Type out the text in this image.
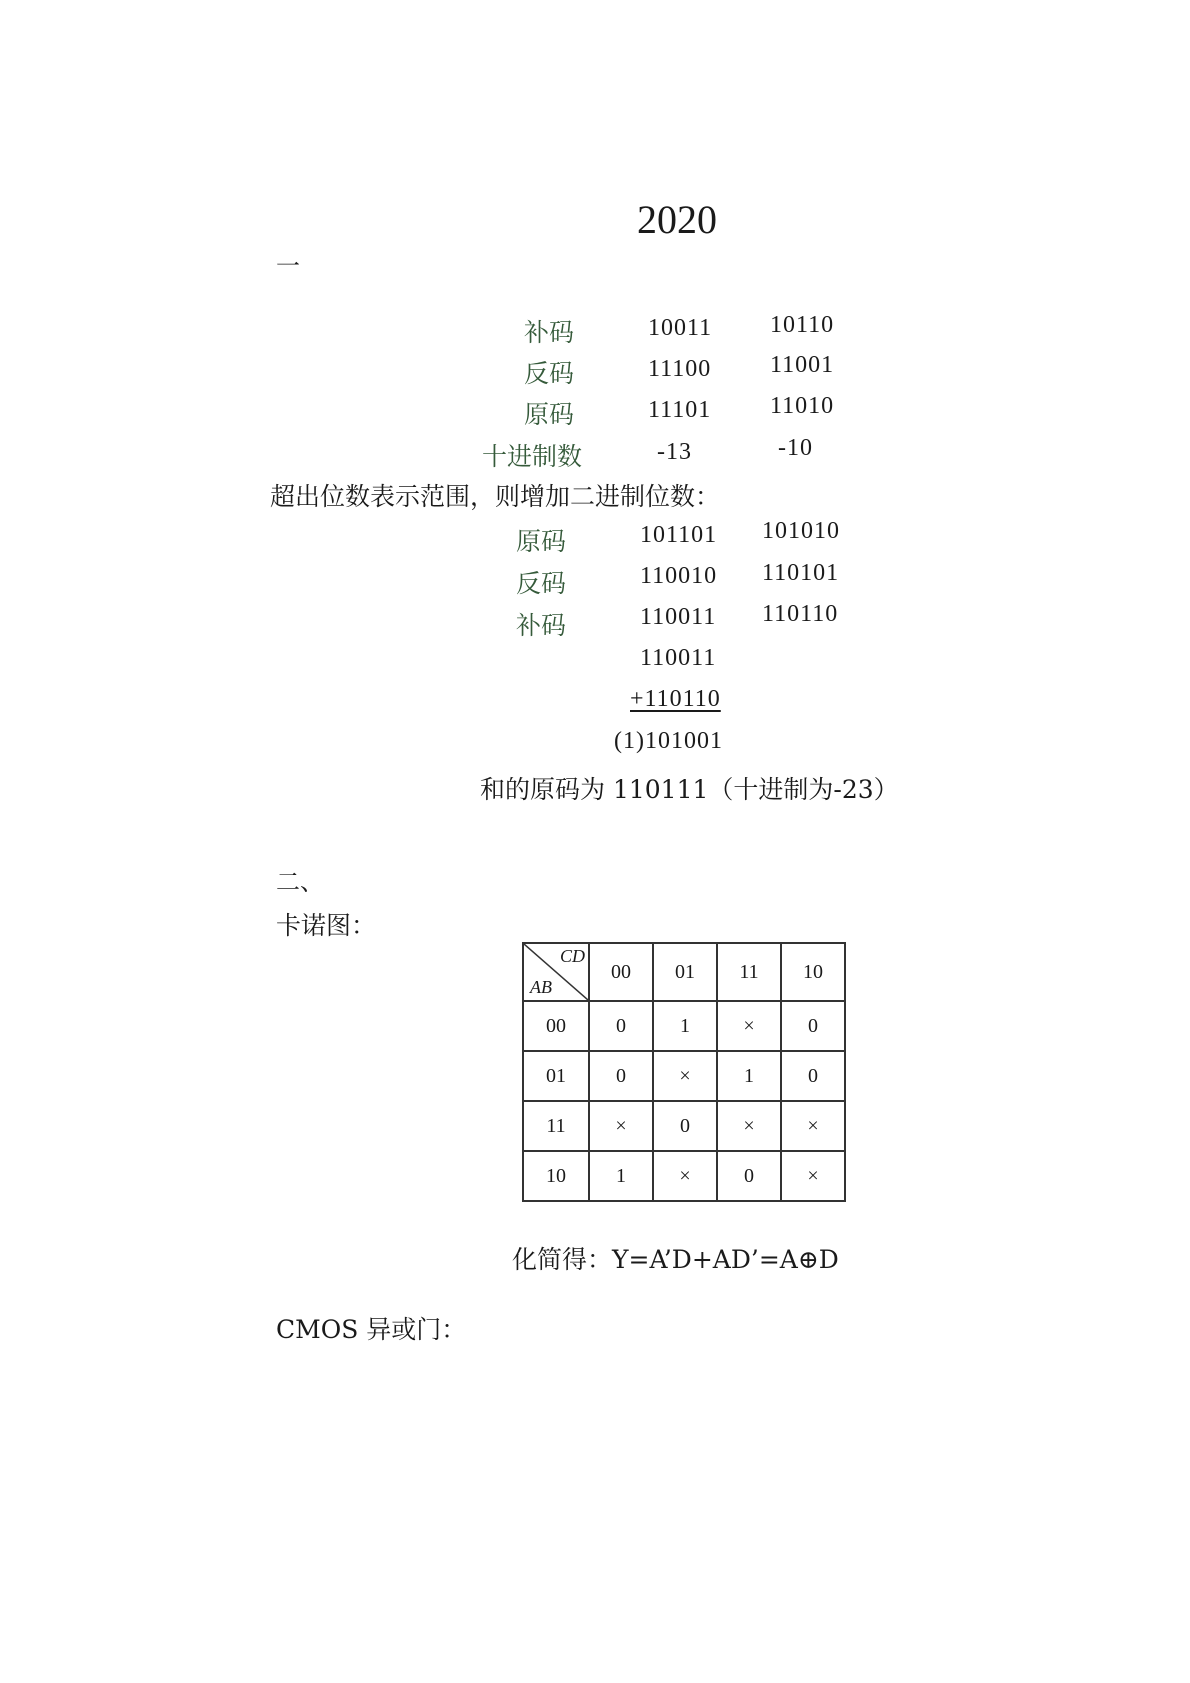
2020
一
补码	10011 10110
反码	11100 11001
原码	11101 11010
十进制数	-13	-10
超出位数表示范围，则增加二进制位数：
原码	101101 101010
反码	110010 110101
补码	110011 110110
110011
+110110
(1)101001
和的原码为 110111（十进制为-23）
二、
卡诺图：
CD
AB	00	01	11	10
00	0	1	×	0
01	0	×	1	0
11	×	0	×	×
10	1	×	0	×
化简得：Y=A’D+AD’=A⊕D
CMOS 异或门：
